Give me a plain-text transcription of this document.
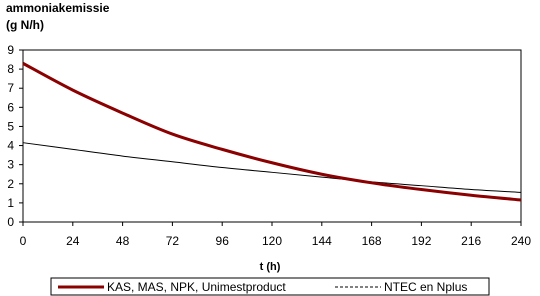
ammoniakemissie
(g N/h)
0
1
2
3
4
5
6
7
8
9
0	24	48	72	96	120 144 168 192 216 240
t (h)
KAS, MAS, NPK, Unimestproduct	NTEC en Nplus
